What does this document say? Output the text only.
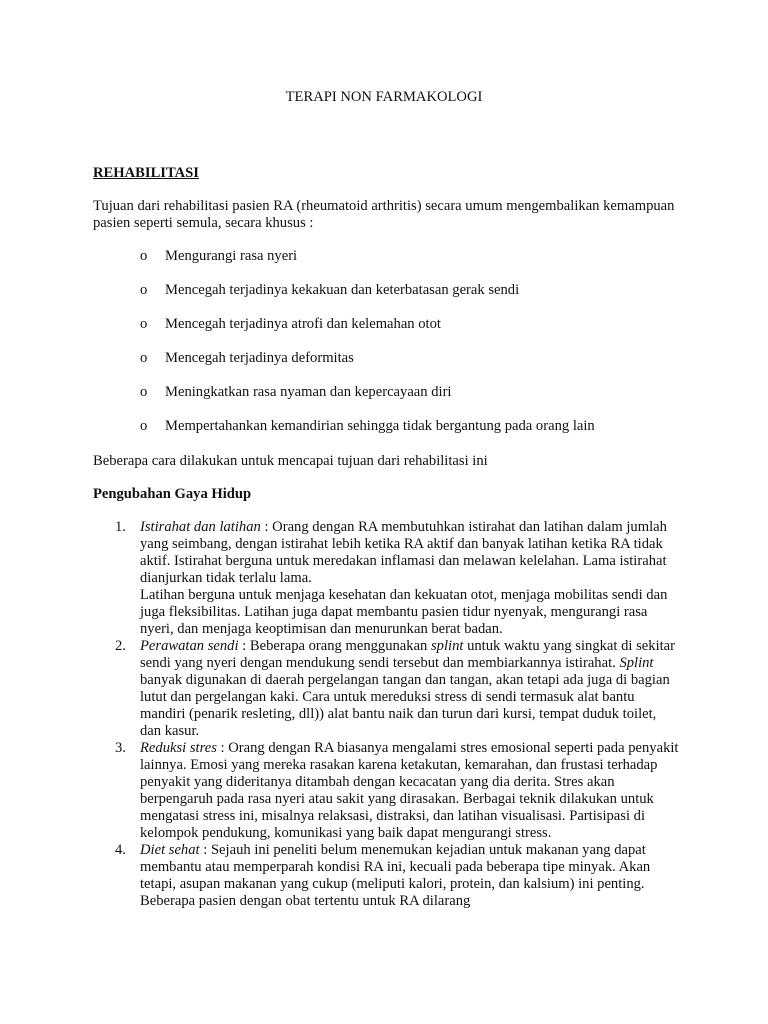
TERAPI NON FARMAKOLOGI
REHABILITASI
Tujuan dari rehabilitasi pasien RA (rheumatoid arthritis) secara umum mengembalikan kemampuan pasien seperti semula, secara khusus :
o Mengurangi rasa nyeri
o Mencegah terjadinya kekakuan dan keterbatasan gerak sendi
o Mencegah terjadinya atrofi dan kelemahan otot
o Mencegah terjadinya deformitas
o Meningkatkan rasa nyaman dan kepercayaan diri
o Mempertahankan kemandirian sehingga tidak bergantung pada orang lain
Beberapa cara dilakukan untuk mencapai tujuan dari rehabilitasi ini
Pengubahan Gaya Hidup
1. Istirahat dan latihan : Orang dengan RA membutuhkan istirahat dan latihan dalam jumlah yang seimbang, dengan istirahat lebih ketika RA aktif dan banyak latihan ketika RA tidak aktif. Istirahat berguna untuk meredakan inflamasi dan melawan kelelahan. Lama istirahat dianjurkan tidak terlalu lama.

Latihan berguna untuk menjaga kesehatan dan kekuatan otot, menjaga mobilitas sendi dan juga fleksibilitas. Latihan juga dapat membantu pasien tidur nyenyak, mengurangi rasa nyeri, dan menjaga keoptimisan dan menurunkan berat badan.

2. Perawatan sendi : Beberapa orang menggunakan splint untuk waktu yang singkat di sekitar sendi yang nyeri dengan mendukung sendi tersebut dan membiarkannya istirahat. Splint banyak digunakan di daerah pergelangan tangan dan tangan, akan tetapi ada juga di bagian lutut dan pergelangan kaki. Cara untuk mereduksi stress di sendi termasuk alat bantu mandiri (penarik resleting, dll)) alat bantu naik dan turun dari kursi, tempat duduk toilet, dan kasur.

3. Reduksi stres : Orang dengan RA biasanya mengalami stres emosional seperti pada penyakit lainnya. Emosi yang mereka rasakan karena ketakutan, kemarahan, dan frustasi terhadap penyakit yang dideritanya ditambah dengan kecacatan yang dia derita. Stres akan berpengaruh pada rasa nyeri atau sakit yang dirasakan. Berbagai teknik dilakukan untuk mengatasi stress ini, misalnya relaksasi, distraksi, dan latihan visualisasi. Partisipasi di kelompok pendukung, komunikasi yang baik dapat mengurangi stress.

4. Diet sehat : Sejauh ini peneliti belum menemukan kejadian untuk makanan yang dapat membantu atau memperparah kondisi RA ini, kecuali pada beberapa tipe minyak. Akan tetapi, asupan makanan yang cukup (meliputi kalori, protein, dan kalsium) ini penting. Beberapa pasien dengan obat tertentu untuk RA dilarang
